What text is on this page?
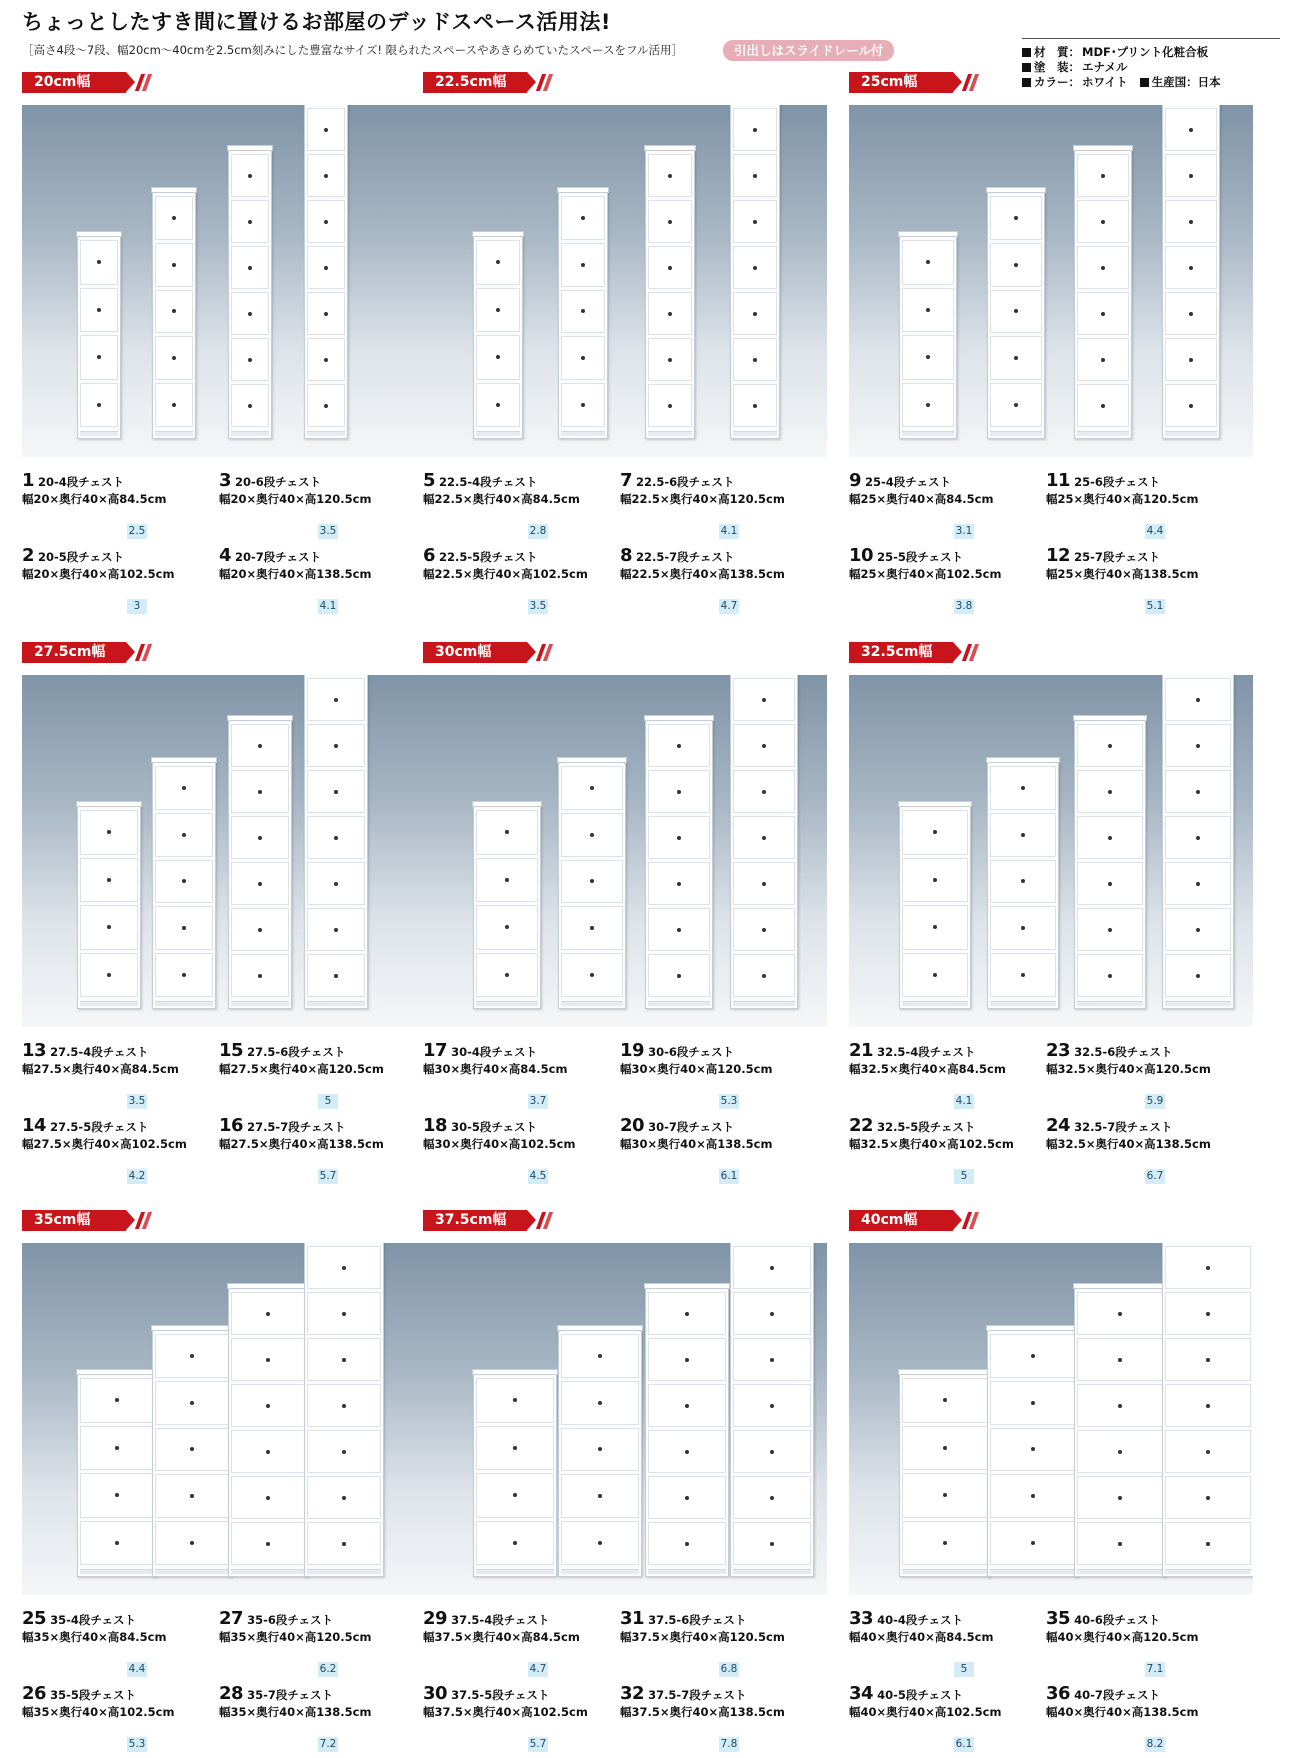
ちょっとしたすき間に置けるお部屋のデッドスペース活用法!
［高さ4段～7段、幅20cm～40cmを2.5cm刻みにした豊富なサイズ! 限られたスペースやあきらめていたスペースをフル活用］	引出しはスライドレール付	材　質： MDF･プリント化粧合板
塗　装： エナメル
カラー： ホワイト 生産国： 日本
20cm幅
1 20-4段チェスト
幅20×奥行40×高84.5cm
2.5
2 20-5段チェスト
幅20×奥行40×高102.5cm
3
3 20-6段チェスト
幅20×奥行40×高120.5cm
3.5
4 20-7段チェスト
幅20×奥行40×高138.5cm
4.1
22.5cm幅
5 22.5-4段チェスト
幅22.5×奥行40×高84.5cm
2.8
6 22.5-5段チェスト
幅22.5×奥行40×高102.5cm
3.5
7 22.5-6段チェスト
幅22.5×奥行40×高120.5cm
4.1
8 22.5-7段チェスト
幅22.5×奥行40×高138.5cm
4.7
25cm幅
9 25-4段チェスト
幅25×奥行40×高84.5cm
3.1
10 25-5段チェスト
幅25×奥行40×高102.5cm
3.8
11 25-6段チェスト
幅25×奥行40×高120.5cm
4.4
12 25-7段チェスト
幅25×奥行40×高138.5cm
5.1
27.5cm幅
13 27.5-4段チェスト
幅27.5×奥行40×高84.5cm
3.5
14 27.5-5段チェスト
幅27.5×奥行40×高102.5cm
4.2
15 27.5-6段チェスト
幅27.5×奥行40×高120.5cm
5
16 27.5-7段チェスト
幅27.5×奥行40×高138.5cm
5.7
30cm幅
17 30-4段チェスト
幅30×奥行40×高84.5cm
3.7
18 30-5段チェスト
幅30×奥行40×高102.5cm
4.5
19 30-6段チェスト
幅30×奥行40×高120.5cm
5.3
20 30-7段チェスト
幅30×奥行40×高138.5cm
6.1
32.5cm幅
21 32.5-4段チェスト
幅32.5×奥行40×高84.5cm
4.1
22 32.5-5段チェスト
幅32.5×奥行40×高102.5cm
5
23 32.5-6段チェスト
幅32.5×奥行40×高120.5cm
5.9
24 32.5-7段チェスト
幅32.5×奥行40×高138.5cm
6.7
35cm幅
25 35-4段チェスト
幅35×奥行40×高84.5cm
4.4
26 35-5段チェスト
幅35×奥行40×高102.5cm
5.3
27 35-6段チェスト
幅35×奥行40×高120.5cm
6.2
28 35-7段チェスト
幅35×奥行40×高138.5cm
7.2
37.5cm幅
29 37.5-4段チェスト
幅37.5×奥行40×高84.5cm
4.7
30 37.5-5段チェスト
幅37.5×奥行40×高102.5cm
5.7
31 37.5-6段チェスト
幅37.5×奥行40×高120.5cm
6.8
32 37.5-7段チェスト
幅37.5×奥行40×高138.5cm
7.8
40cm幅
33 40-4段チェスト
幅40×奥行40×高84.5cm
5
34 40-5段チェスト
幅40×奥行40×高102.5cm
6.1
35 40-6段チェスト
幅40×奥行40×高120.5cm
7.1
36 40-7段チェスト
幅40×奥行40×高138.5cm
8.2
